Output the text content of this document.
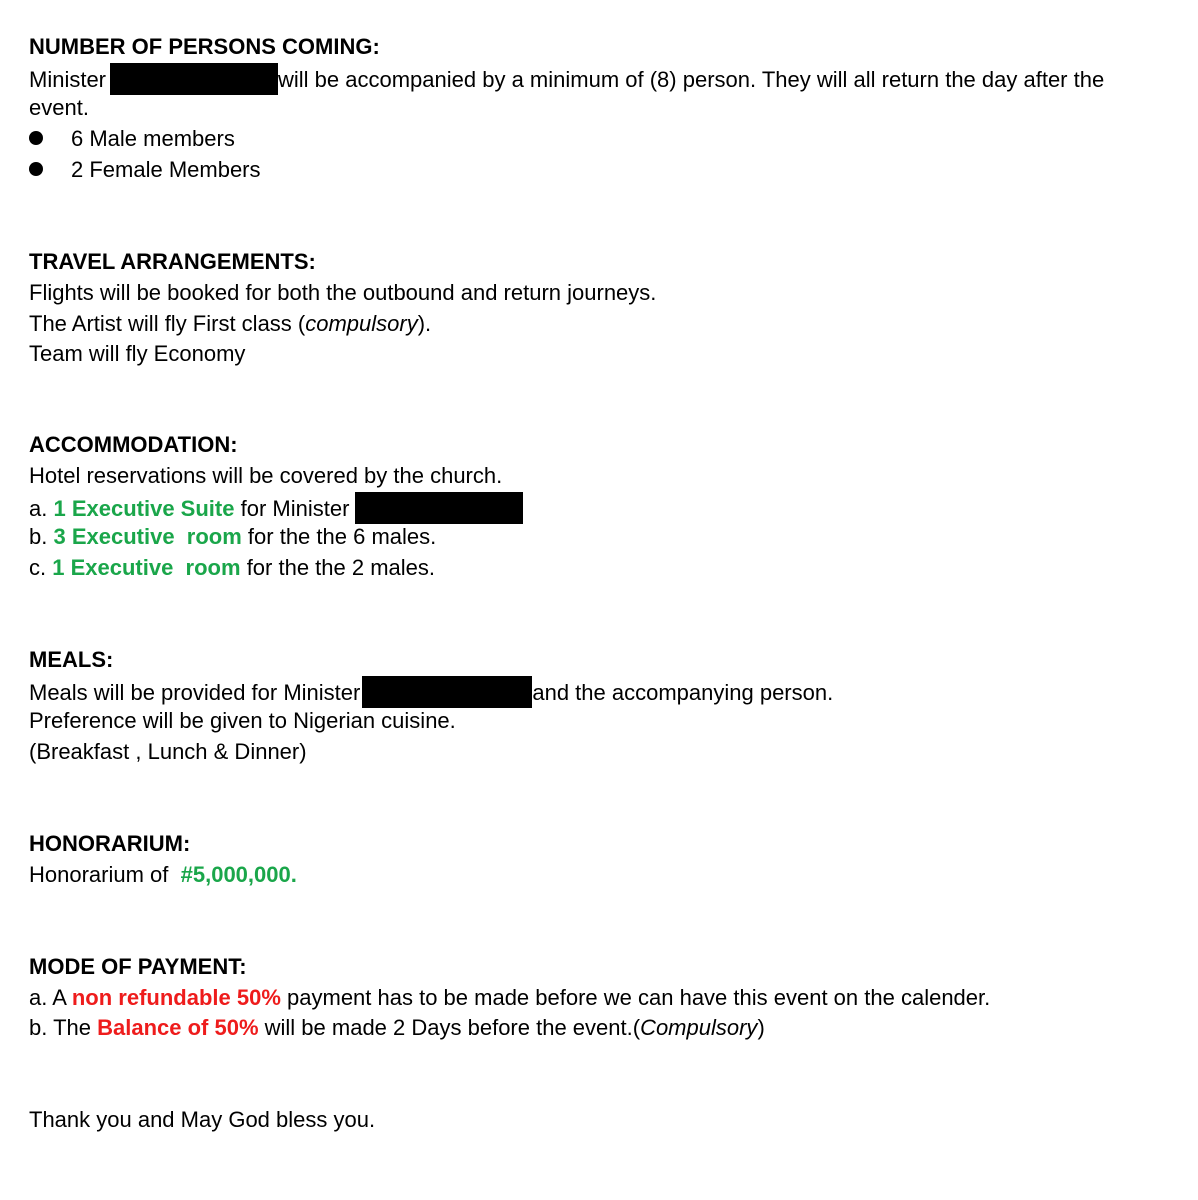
NUMBER OF PERSONS COMING:
Minister	will be accompanied by a minimum of (8) person. They will all return the day after the
event.
6 Male members
2 Female Members
TRAVEL ARRANGEMENTS:
Flights will be booked for both the outbound and return journeys.
The Artist will fly First class (compulsory).
Team will fly Economy
ACCOMMODATION:
Hotel reservations will be covered by the church.
a. 1 Executive Suite for Minister
b. 3 Executive  room for the the 6 males.
c. 1 Executive  room for the the 2 males.
MEALS:
Meals will be provided for Minister	and the accompanying person.
Preference will be given to Nigerian cuisine.
(Breakfast , Lunch & Dinner)
HONORARIUM:
Honorarium of #5,000,000.
MODE OF PAYMENT:
a. A non refundable 50% payment has to be made before we can have this event on the calender.
b. The Balance of 50% will be made 2 Days before the event.(Compulsory)
Thank you and May God bless you.
